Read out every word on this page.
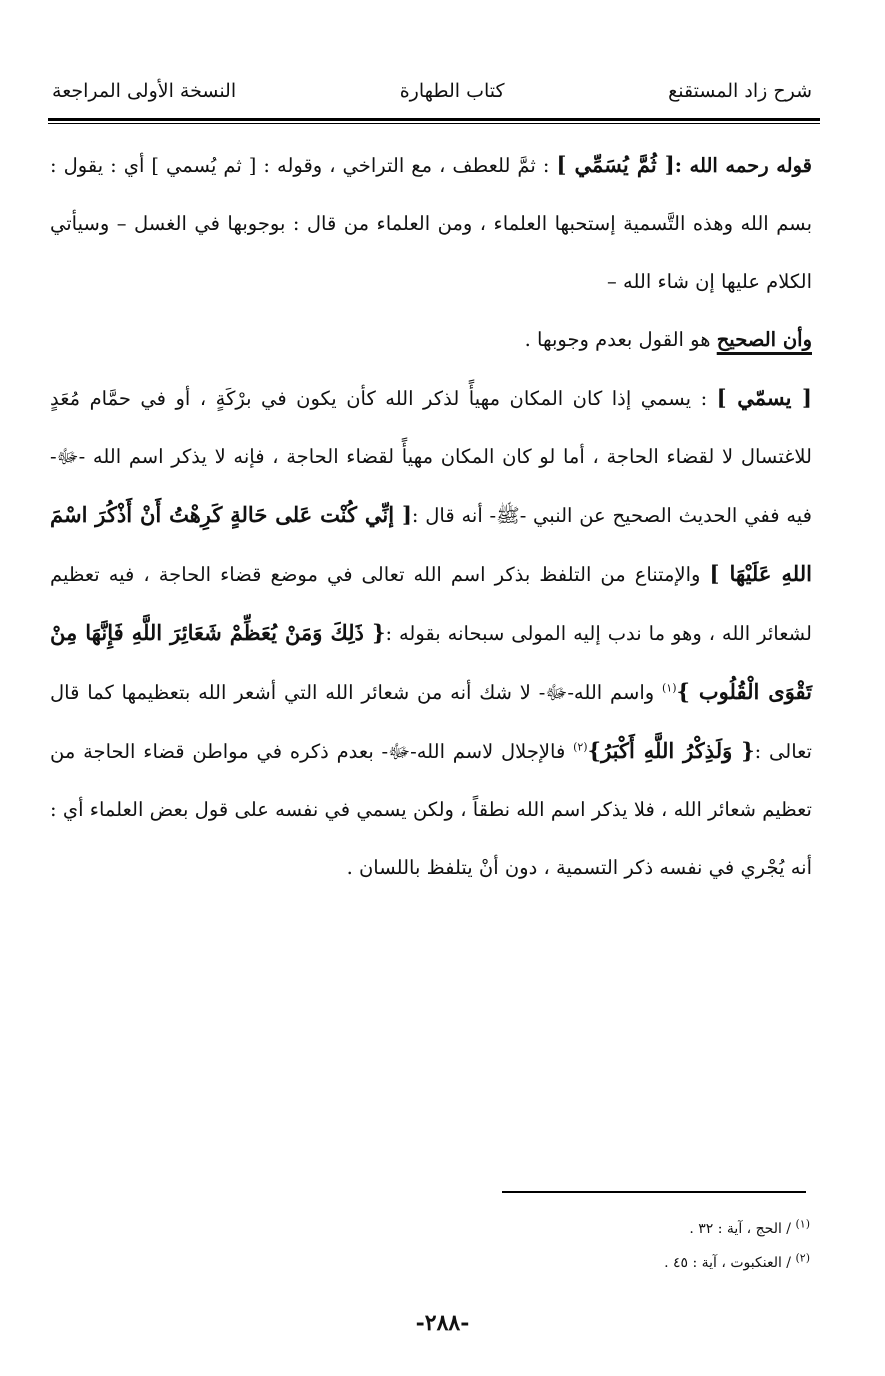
شرح زاد المستقنع
كتاب الطهارة
النسخة الأولى المراجعة

قوله رحمه الله :[ ثُمَّ يُسَمِّي ] : ثمَّ للعطف ، مع التراخي ، وقوله : [ ثم يُسمي ] أي : يقول : بسم الله وهذه التَّسمية إستحبها العلماء ، ومن العلماء من قال : بوجوبها في الغسل – وسيأتي الكلام عليها إن شاء الله –

وأن الصحيح هو القول بعدم وجوبها .

[ يسمّي ] : يسمي إذا كان المكان مهيأً لذكر الله كأن يكون في برْكَةٍ ، أو في حمَّام مُعَدٍ للاغتسال لا لقضاء الحاجة ، أما لو كان المكان مهيأً لقضاء الحاجة ، فإنه لا يذكر اسم الله -ﷻ- فيه ففي الحديث الصحيح عن النبي -ﷺ- أنه قال :[ إنِّي كُنْت عَلى حَالةٍ كَرِهْتُ أَنْ أَذْكُرَ اسْمَ اللهِ عَلَيْهَا ] والإمتناع من التلفظ بذكر اسم الله تعالى في موضع قضاء الحاجة ، فيه تعظيم لشعائر الله ، وهو ما ندب إليه المولى سبحانه بقوله :{ ذَلِكَ وَمَنْ يُعَظِّمْ شَعَائِرَ اللَّهِ فَإِنَّهَا مِنْ تَقْوَى الْقُلُوب }$^{(١)}$ واسم الله-ﷻ- لا شك أنه من شعائر الله التي أشعر الله بتعظيمها كما قال تعالى :{ وَلَذِكْرُ اللَّهِ أَكْبَرُ}$^{(٢)}$ فالإجلال لاسم الله-ﷻ- بعدم ذكره في مواطن قضاء الحاجة من تعظيم شعائر الله ، فلا يذكر اسم الله نطقاً ، ولكن يسمي في نفسه على قول بعض العلماء أي : أنه يُجْري في نفسه ذكر التسمية ، دون أنْ يتلفظ باللسان .

$^{(١)}$ / الحج ، آية : ٣٢ .

$^{(٢)}$ / العنكبوت ، آية : ٤٥ .

-٢٨٨-
